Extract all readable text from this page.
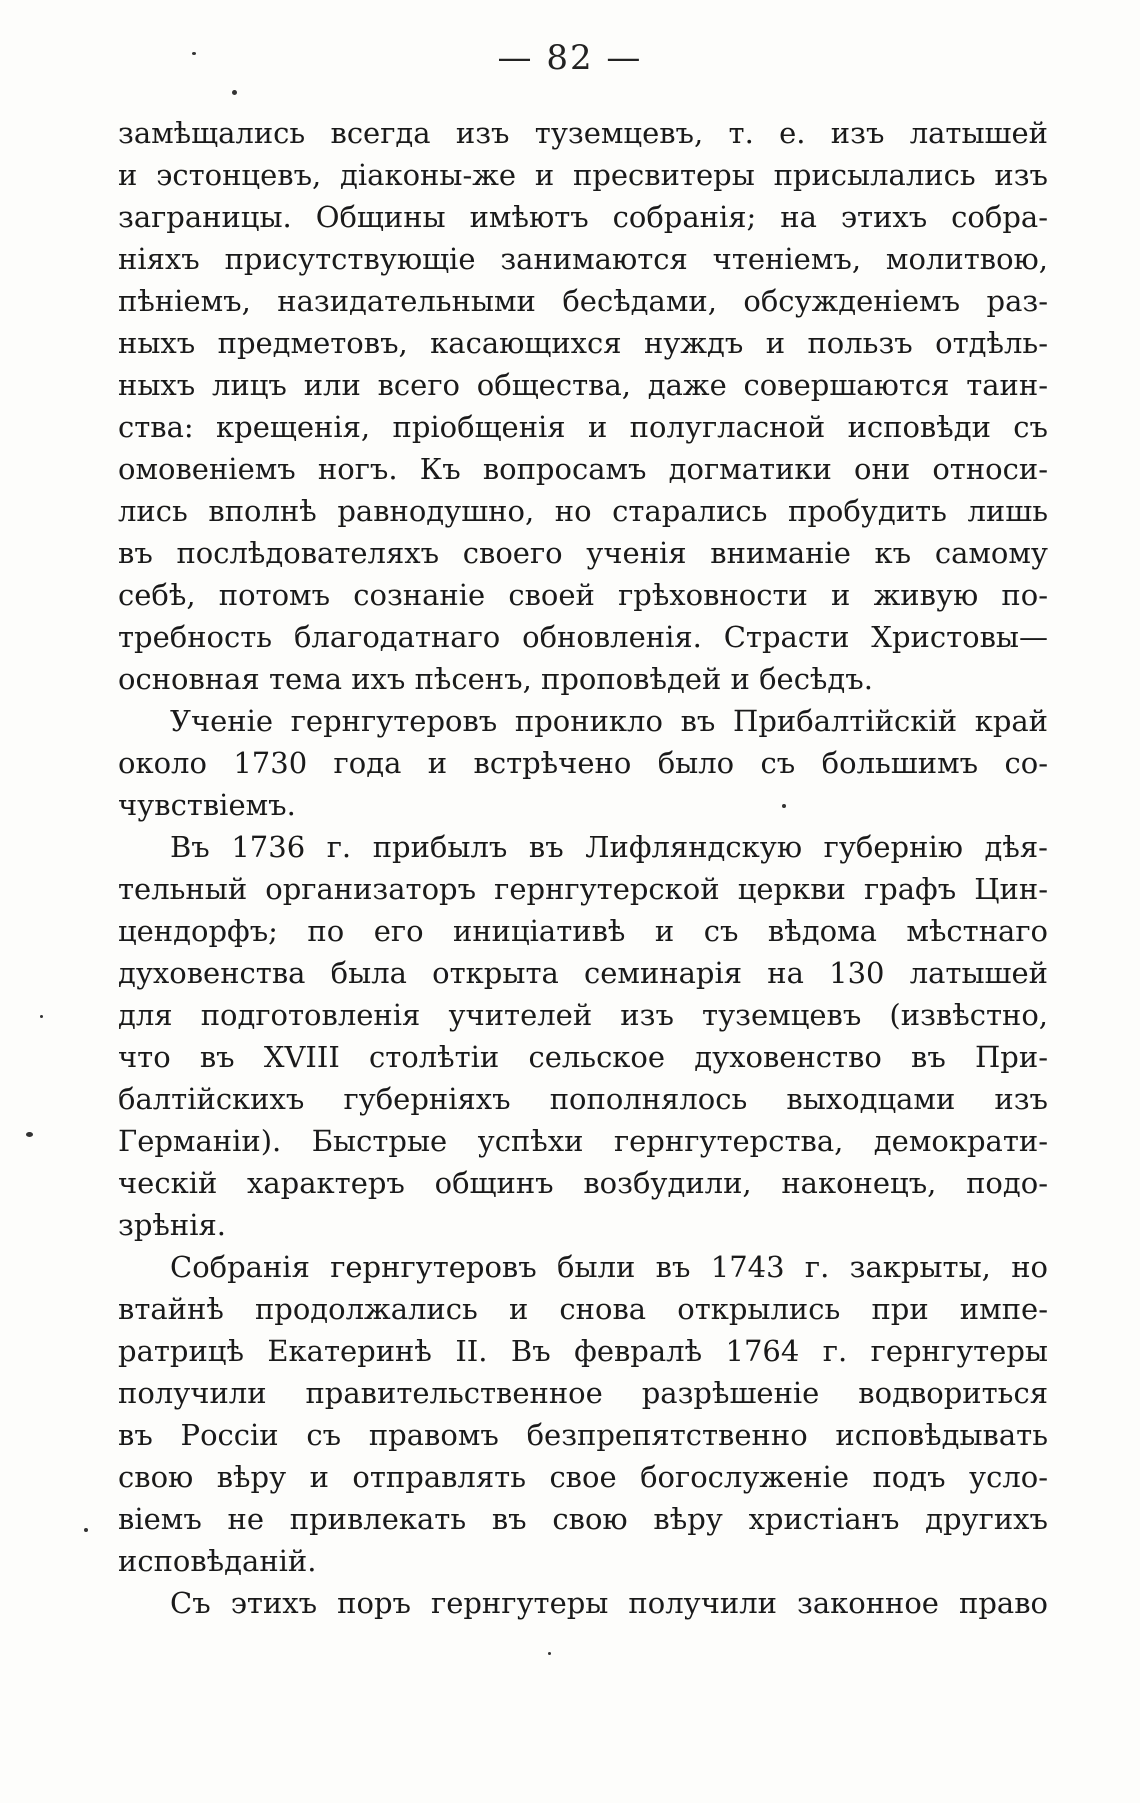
— 82 —
замѣщались всегда изъ туземцевъ, т. е. изъ латышей
и эстонцевъ, діаконы-же и пресвитеры присылались изъ
заграницы. Общины имѣютъ собранія; на этихъ собра-
ніяхъ присутствующіе занимаются чтеніемъ, молитвою,
пѣніемъ, назидательными бесѣдами, обсужденіемъ раз-
ныхъ предметовъ, касающихся нуждъ и пользъ отдѣль-
ныхъ лицъ или всего общества, даже совершаются таин-
ства: крещенія, пріобщенія и полугласной исповѣди съ
омовеніемъ ногъ. Къ вопросамъ догматики они относи-
лись вполнѣ равнодушно, но старались пробудить лишь
въ послѣдователяхъ своего ученія вниманіе къ самому
себѣ, потомъ сознаніе своей грѣховности и живую по-
требность благодатнаго обновленія. Страсти Христовы—
основная тема ихъ пѣсенъ, проповѣдей и бесѣдъ.
Ученіе гернгутеровъ проникло въ Прибалтійскій край
около 1730 года и встрѣчено было съ большимъ со-
чувствіемъ.
Въ 1736 г. прибылъ въ Лифляндскую губернію дѣя-
тельный организаторъ гернгутерской церкви графъ Цин-
цендорфъ; по его иниціативѣ и съ вѣдома мѣстнаго
духовенства была открыта семинарія на 130 латышей
для подготовленія учителей изъ туземцевъ (извѣстно,
что въ XVIII столѣтіи сельское духовенство въ При-
балтійскихъ губерніяхъ пополнялось выходцами изъ
Германіи). Быстрые успѣхи гернгутерства, демократи-
ческій характеръ общинъ возбудили, наконецъ, подо-
зрѣнія.
Собранія гернгутеровъ были въ 1743 г. закрыты, но
втайнѣ продолжались и снова открылись при импе-
ратрицѣ Екатеринѣ II. Въ февралѣ 1764 г. гернгутеры
получили правительственное разрѣшеніе водвориться
въ Россіи съ правомъ безпрепятственно исповѣдывать
свою вѣру и отправлять свое богослуженіе подъ усло-
віемъ не привлекать въ свою вѣру христіанъ другихъ
исповѣданій.
Съ этихъ поръ гернгутеры получили законное право
